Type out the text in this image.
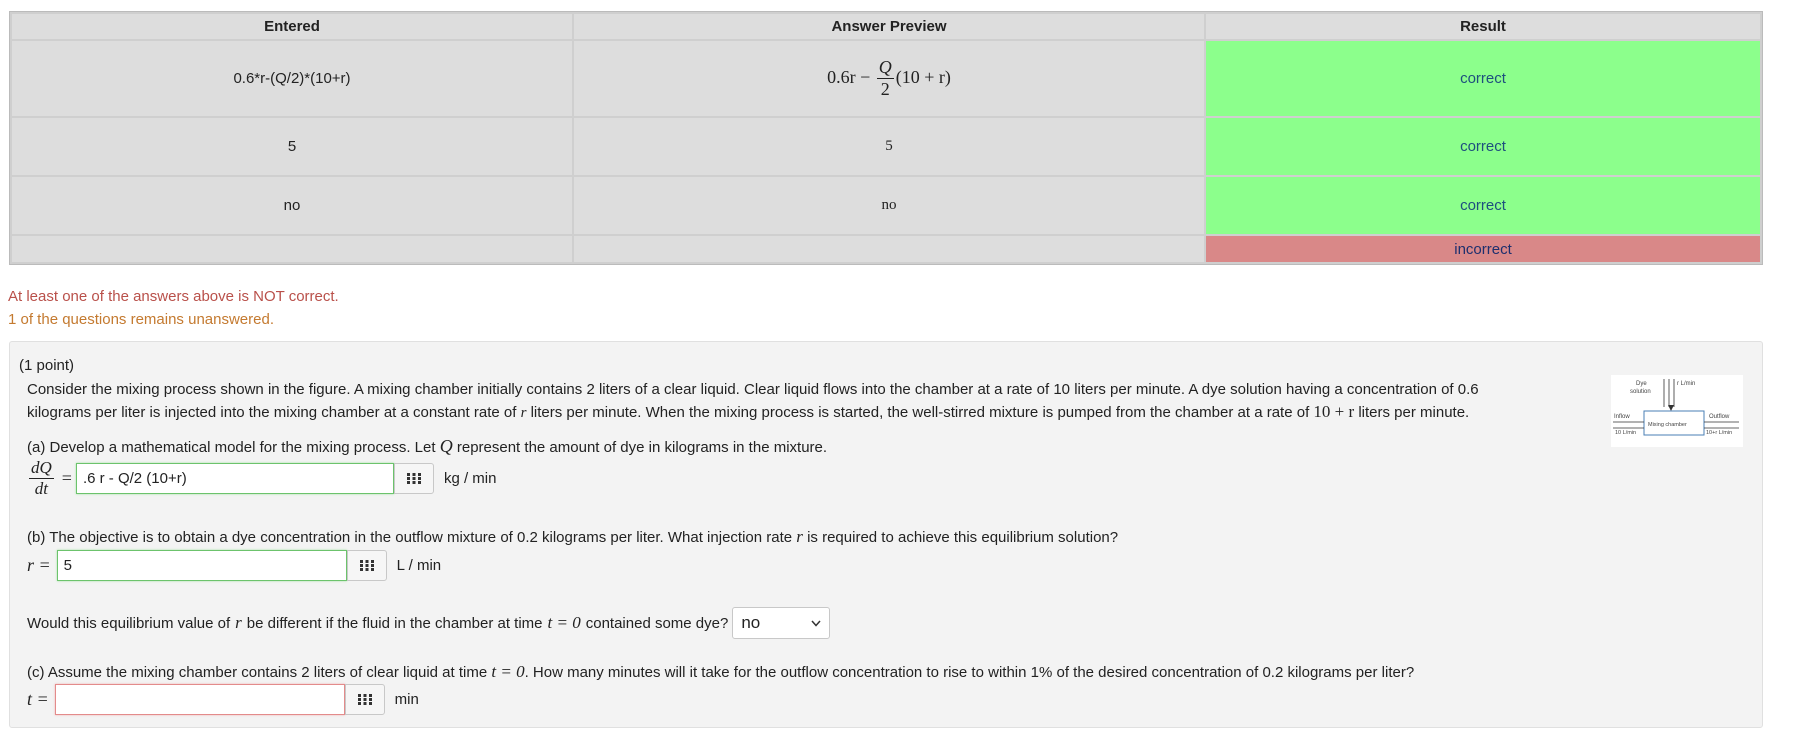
Entered	Answer Preview	Result
0.6*r-(Q/2)*(10+r)	$0.6r - \frac{Q}{2} (10 + r)$	correct
5	5	correct
no	no	correct
		incorrect
At least one of the answers above is NOT correct.
1 of the questions remains unanswered.
(1 point)
Consider the mixing process shown in the figure. A mixing chamber initially contains 2 liters of a clear liquid. Clear liquid flows into the chamber at a rate of 10 liters per minute. A dye solution having a concentration of 0.6
kilograms per liter is injected into the mixing chamber at a constant rate of r liters per minute. When the mixing process is started, the well-stirred mixture is pumped from the chamber at a rate of 10 + r liters per minute.
Dye
solution
r L/min
Mixing chamber
Inflow
10 L/min
Outflow
10+r L/min
(a) Develop a mathematical model for the mixing process. Let Q represent the amount of dye in kilograms in the mixture.
$\frac{dQ}{dt} = .6$ r - Q/2 (10+r)	kg / min
(b) The objective is to obtain a dye concentration in the outflow mixture of 0.2 kilograms per liter. What injection rate r is required to achieve this equilibrium solution?
r = 5	L / min
Would this equilibrium value of r be different if the fluid in the chamber at time t = 0 contained some dye? no
(c) Assume the mixing chamber contains 2 liters of clear liquid at time t = 0. How many minutes will it take for the outflow concentration to rise to within 1% of the desired concentration of 0.2 kilograms per liter?
t =	min
